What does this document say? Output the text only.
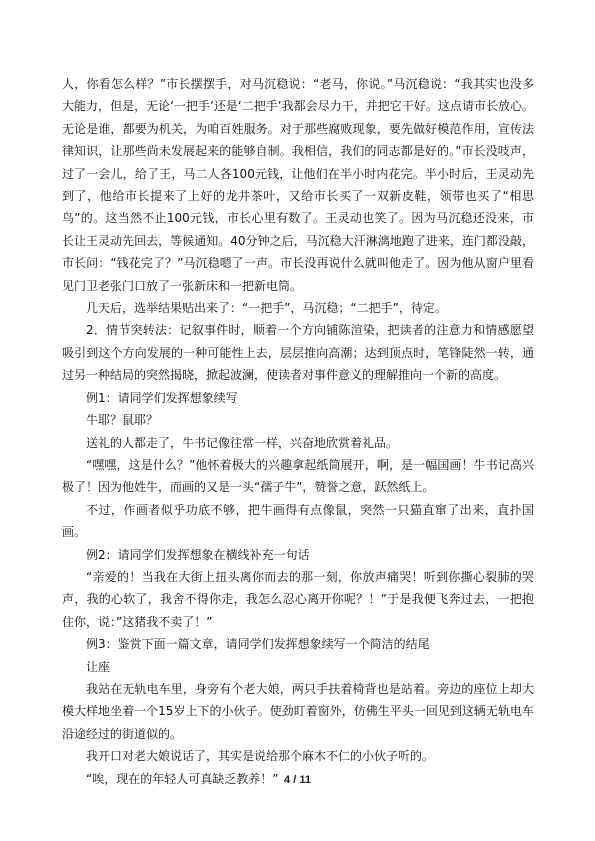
人，你看怎么样？”市长摆摆手，对马沉稳说：“老马，你说。”马沉稳说：“我其实也没多大能力，但是，无论‘一把手’还是‘二把手’我都会尽力干，并把它干好。这点请市长放心。无论是谁，都要为机关，为咱百姓服务。对于那些腐败现象，要先做好模范作用，宣传法律知识，让那些尚未发展起来的能够自制。我相信，我们的同志都是好的。”市长没吱声，过了一会儿，给了王，马二人各100元钱，让他们在半小时内花完。半小时后，王灵动先到了，他给市长提来了上好的龙井茶叶，又给市长买了一双新皮鞋，领带也买了“相思鸟”的。这当然不止100元钱，市长心里有数了。王灵动也笑了。因为马沉稳还没来，市长让王灵动先回去，等候通知。40分钟之后，马沉稳大汗淋漓地跑了进来，连门都没敲，市长问：“钱花完了？”马沉稳嗯了一声。市长没再说什么就叫他走了。因为他从窗户里看见门卫老张门口放了一张新床和一把新电筒。

几天后，选举结果贴出来了：“一把手”，马沉稳；“二把手”，待定。

2．情节突转法：记叙事件时，顺着一个方向铺陈渲染，把读者的注意力和情感愿望吸引到这个方向发展的一种可能性上去，层层推向高潮；达到顶点时，笔锋陡然一转，通过另一种结局的突然揭晓，掀起波澜，使读者对事件意义的理解推向一个新的高度。

例1：请同学们发挥想象续写

牛耶？鼠耶？

送礼的人都走了，牛书记像往常一样，兴奋地欣赏着礼品。

“嘿嘿，这是什么？”他怀着极大的兴趣拿起纸筒展开，啊，是一幅国画！牛书记高兴极了！因为他姓牛，而画的又是一头“孺子牛”，赞誉之意，跃然纸上。

不过，作画者似乎功底不够，把牛画得有点像鼠，突然一只猫直窜了出来，直扑国画。

例2：请同学们发挥想象在横线补充一句话

“亲爱的！当我在大街上扭头离你而去的那一刻，你放声痛哭！听到你撕心裂肺的哭声，我的心软了，我舍不得你走，我怎么忍心离开你呢？！”于是我便飞奔过去，一把抱住你，说：”这猪我不卖了！”

例3：鉴赏下面一篇文章，请同学们发挥想象续写一个简洁的结尾

让座

我站在无轨电车里，身旁有个老大娘，两只手扶着椅背也是站着。旁边的座位上却大模大样地坐着一个15岁上下的小伙子。使劲盯着窗外，仿佛生平头一回见到这辆无轨电车沿途经过的街道似的。

我开口对老大娘说话了，其实是说给那个麻木不仁的小伙子听的。

“唉，现在的年轻人可真缺乏教养！” 4 / 11
